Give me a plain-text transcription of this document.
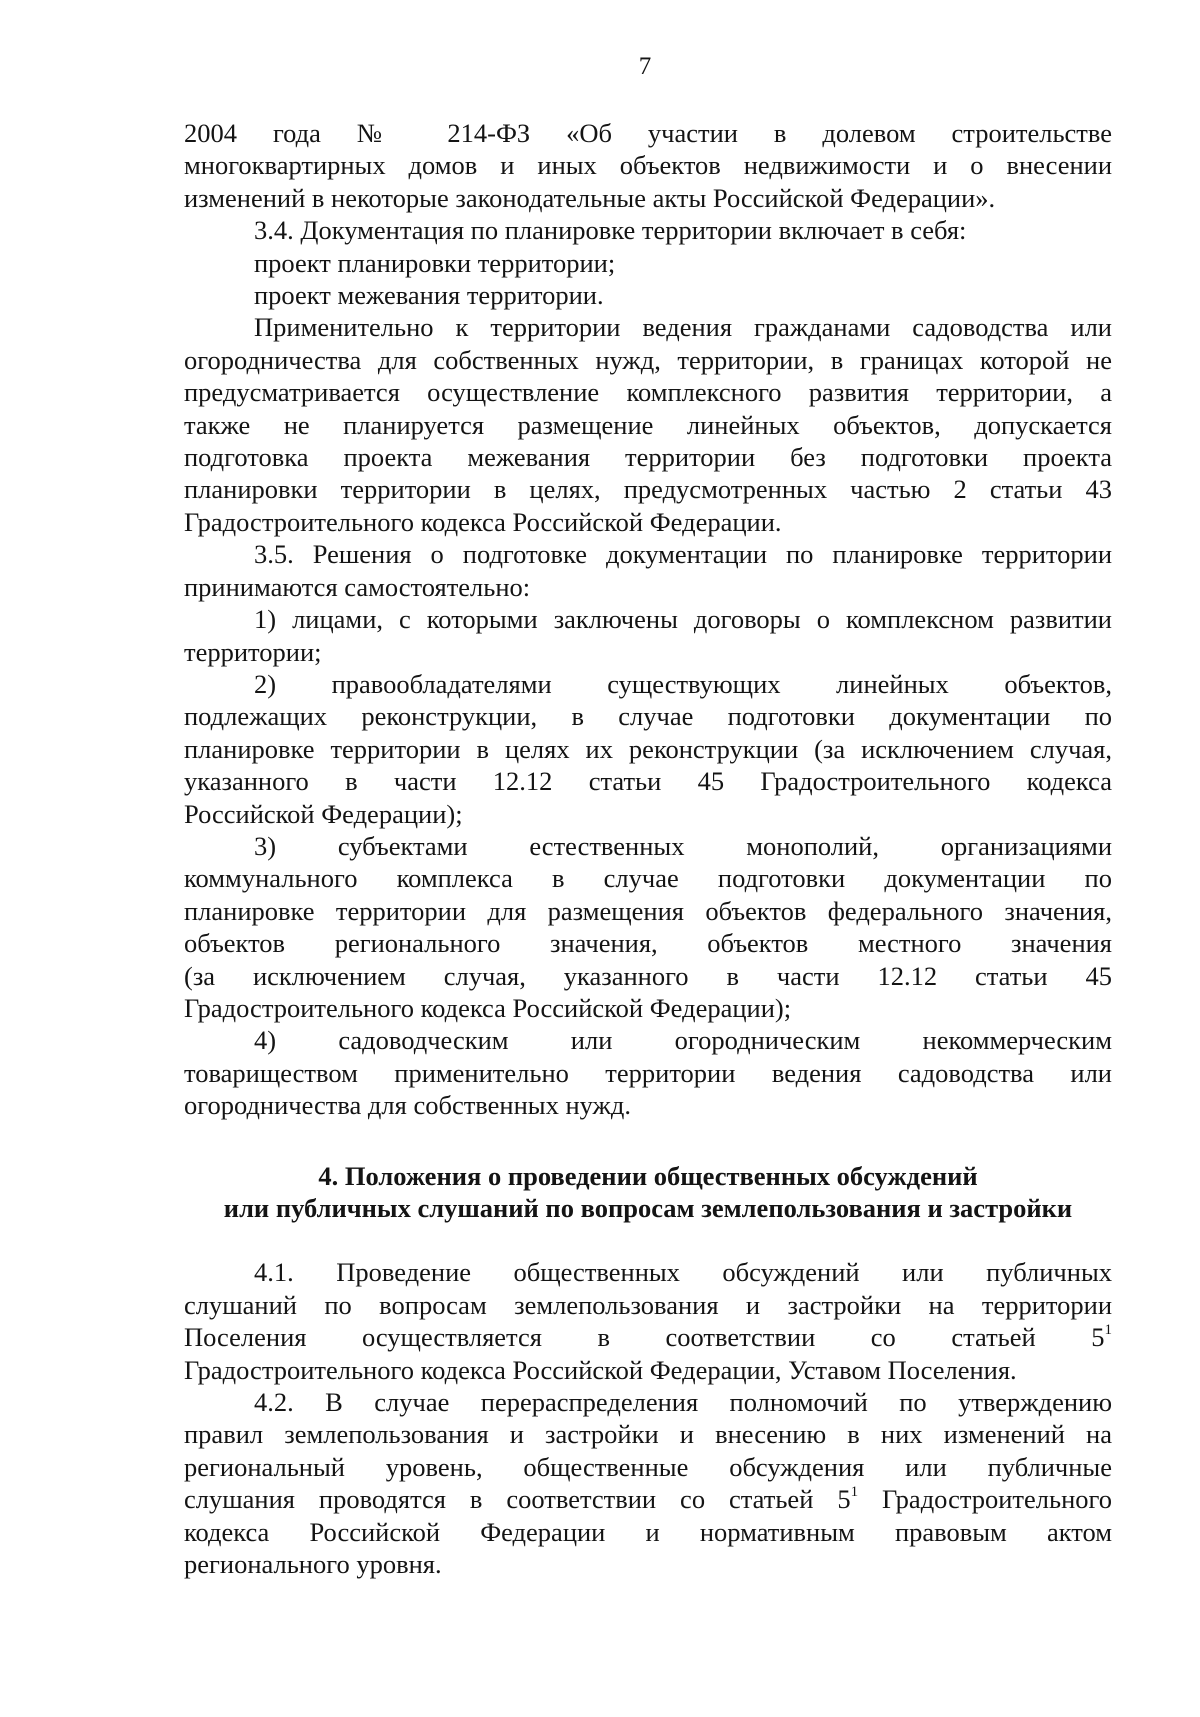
7
2004 года № 214-ФЗ «Об участии в долевом строительстве
многоквартирных домов и иных объектов недвижимости и о внесении
изменений в некоторые законодательные акты Российской Федерации».
3.4. Документация по планировке территории включает в себя:
проект планировки территории;
проект межевания территории.
Применительно к территории ведения гражданами садоводства или
огородничества для собственных нужд, территории, в границах которой не
предусматривается осуществление комплексного развития территории, а
также не планируется размещение линейных объектов, допускается
подготовка проекта межевания территории без подготовки проекта
планировки территории в целях, предусмотренных частью 2 статьи 43
Градостроительного кодекса Российской Федерации.
3.5. Решения о подготовке документации по планировке территории
принимаются самостоятельно:
1) лицами, с которыми заключены договоры о комплексном развитии
территории;
2) правообладателями существующих линейных объектов,
подлежащих реконструкции, в случае подготовки документации по
планировке территории в целях их реконструкции (за исключением случая,
указанного в части 12.12 статьи 45 Градостроительного кодекса
Российской Федерации);
3) субъектами естественных монополий, организациями
коммунального комплекса в случае подготовки документации по
планировке территории для размещения объектов федерального значения,
объектов регионального значения, объектов местного значения
(за исключением случая, указанного в части 12.12 статьи 45
Градостроительного кодекса Российской Федерации);
4) садоводческим или огородническим некоммерческим
товариществом применительно территории ведения садоводства или
огородничества для собственных нужд.

4. Положения о проведении общественных обсуждений

или публичных слушаний по вопросам землепользования и застройки

4.1. Проведение общественных обсуждений или публичных
слушаний по вопросам землепользования и застройки на территории
Поселения осуществляется в соответствии со статьей $5^1$
Градостроительного кодекса Российской Федерации, Уставом Поселения.
4.2. В случае перераспределения полномочий по утверждению
правил землепользования и застройки и внесению в них изменений на
региональный уровень, общественные обсуждения или публичные
слушания проводятся в соответствии со статьей $5^1$ Градостроительного
кодекса Российской Федерации и нормативным правовым актом
регионального уровня.
